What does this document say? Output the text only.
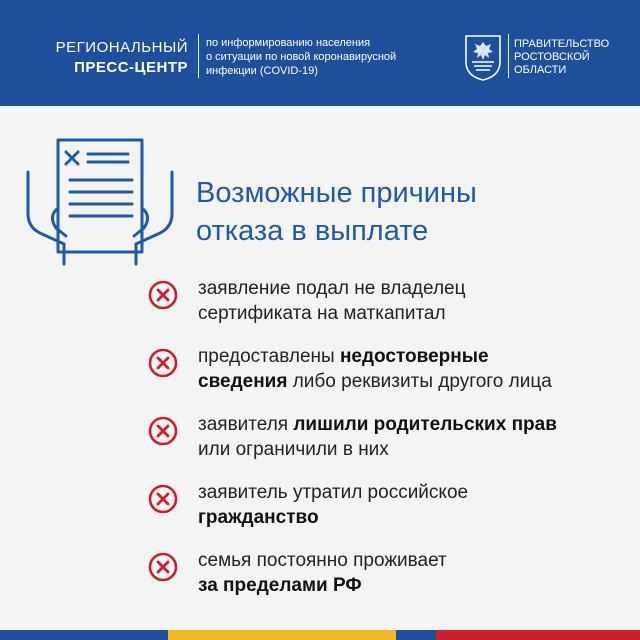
РЕГИОНАЛЬНЫЙ
ПРЕСС-ЦЕНТР
по информированию населения
о ситуации по новой коронавирусной
инфекции (COVID-19)
ПРАВИТЕЛЬСТВО
РОСТОВСКОЙ
ОБЛАСТИ
Возможные причины
отказа в выплате
заявление подал не владелец
сертификата на маткапитал
предоставлены недостоверные
сведения либо реквизиты другого лица
заявителя лишили родительских прав
или ограничили в них
заявитель утратил российское
гражданство
семья постоянно проживает
за пределами РФ
